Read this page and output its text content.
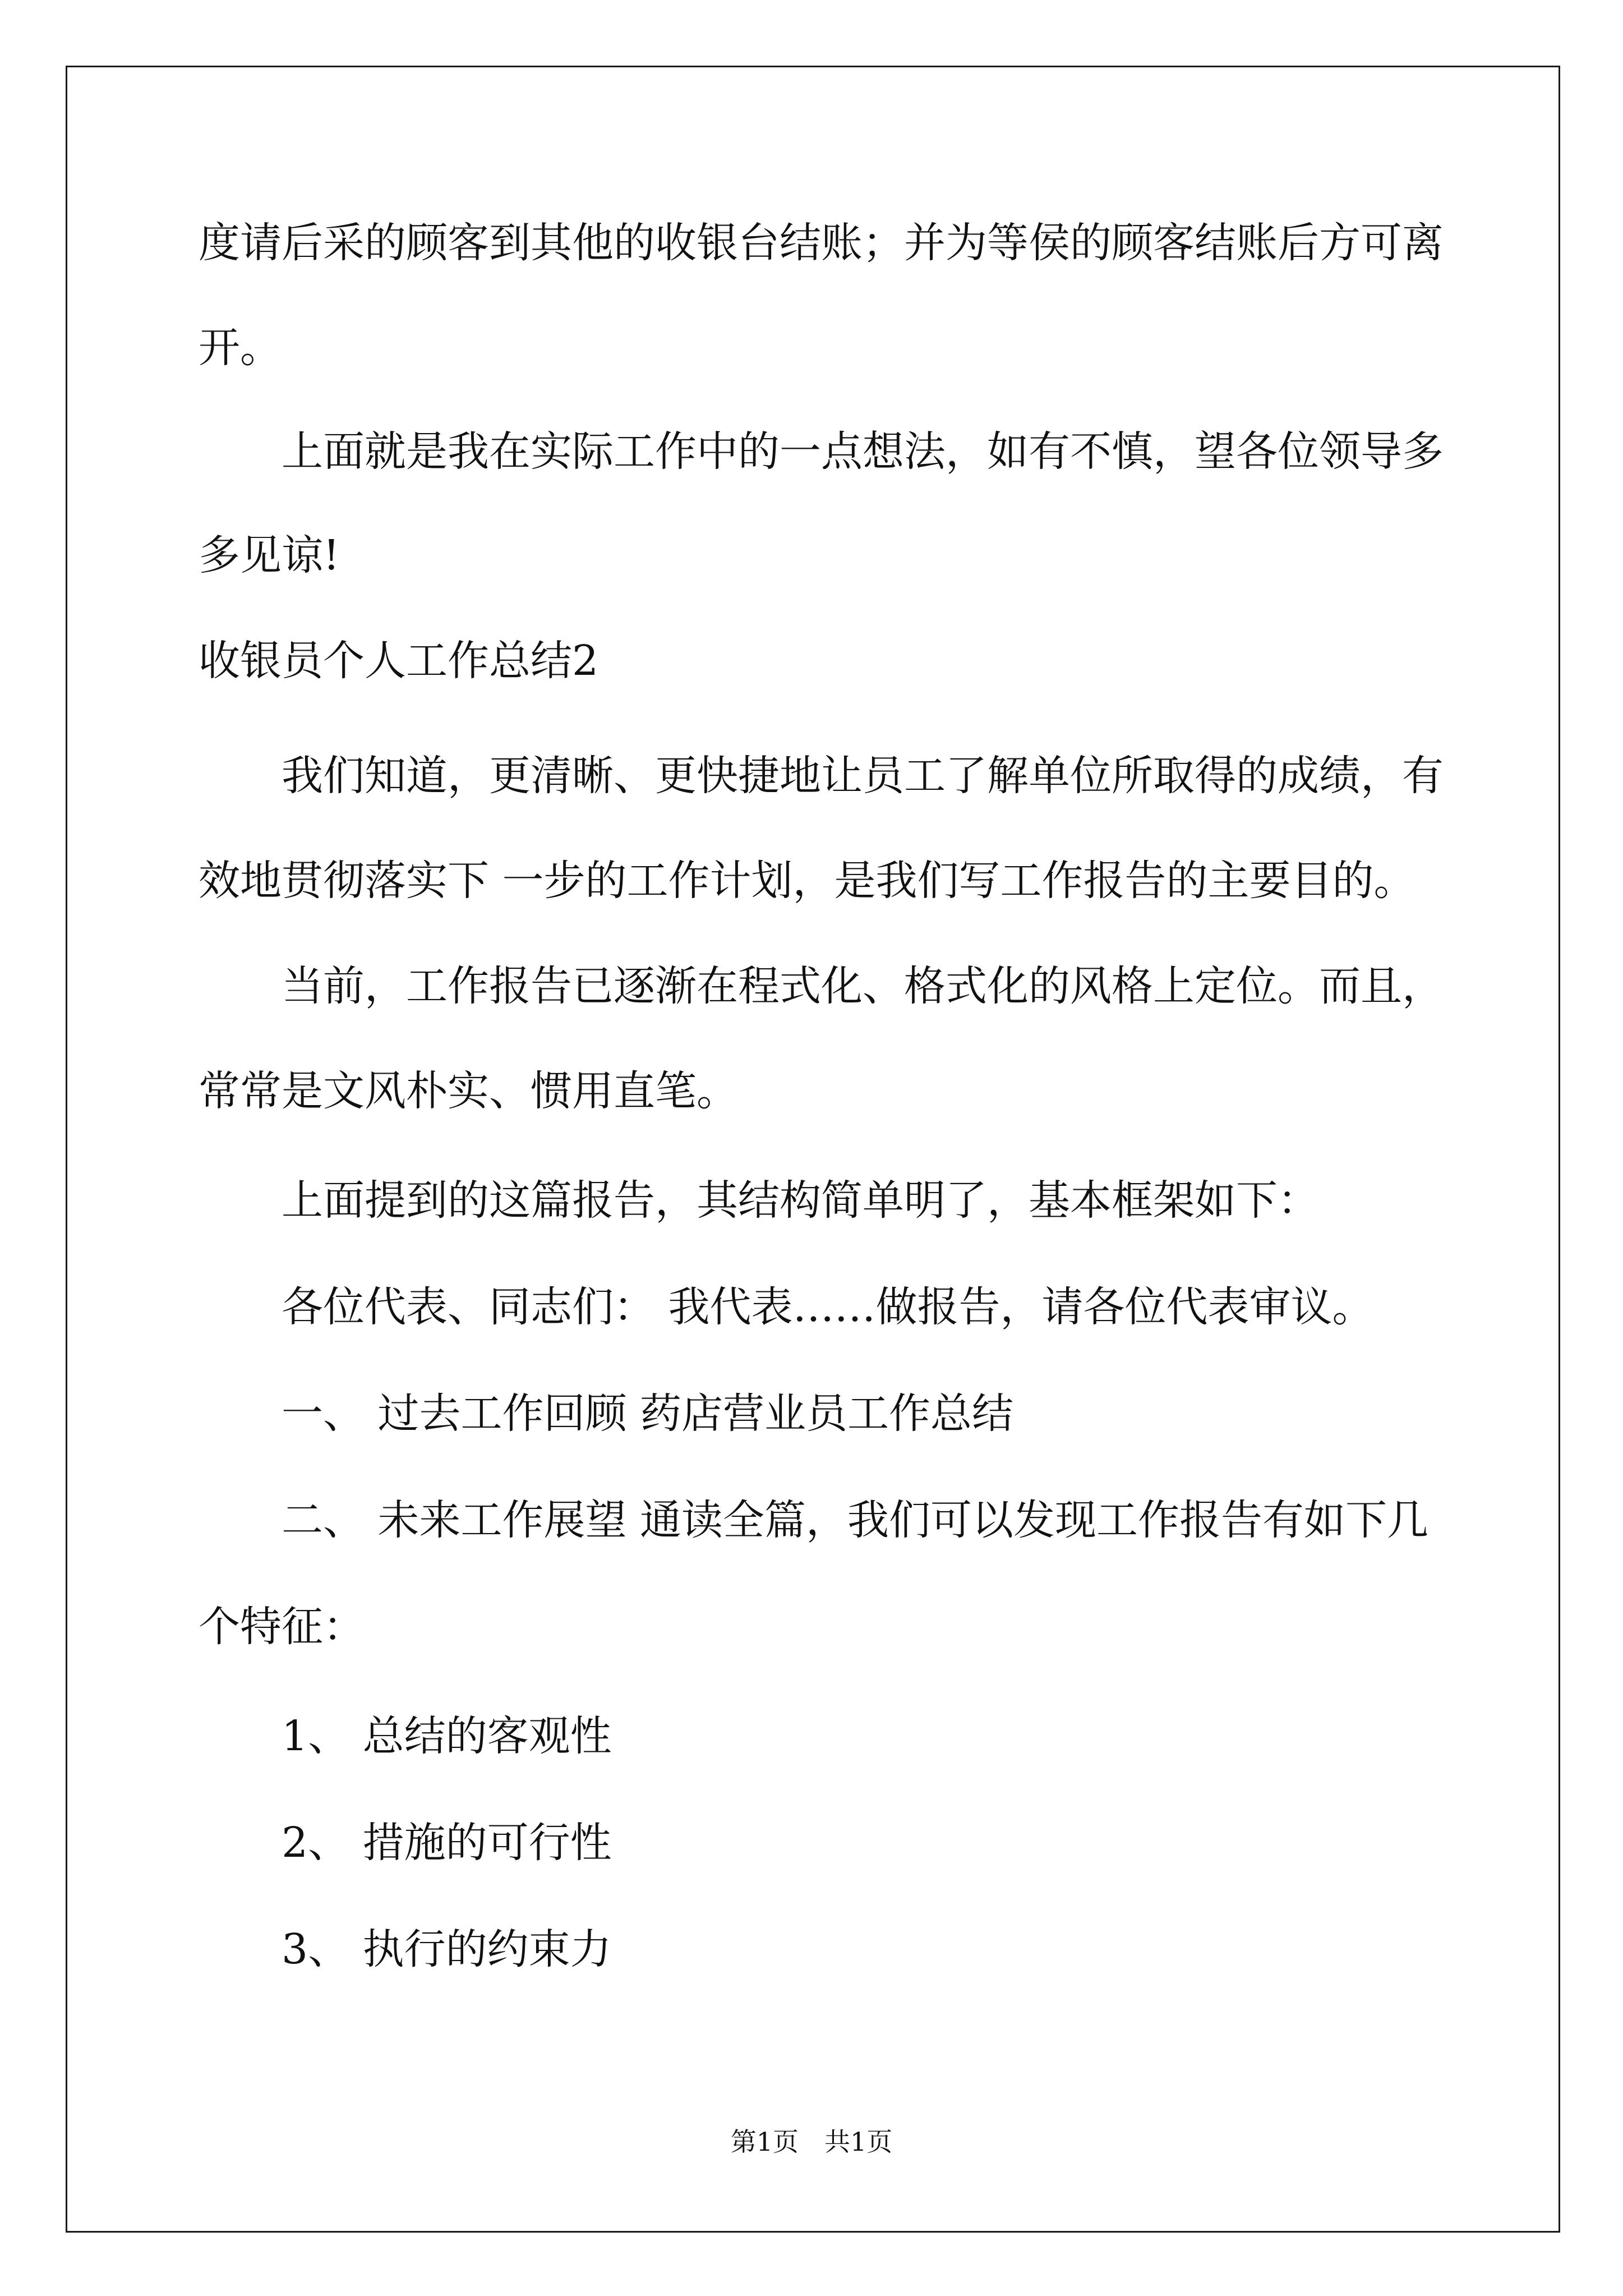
度请后采的顾客到其他的收银台结账；并为等侯的顾客结账后方可离
开。
上面就是我在实际工作中的一点想法，如有不慎，望各位领导多
多见谅!
收银员个人工作总结2
我们知道，更清晰、更快捷地让员工了解单位所取得的成绩，有
效地贯彻落实下 一步的工作计划，是我们写工作报告的主要目的。
当前，工作报告已逐渐在程式化、格式化的风格上定位。而且，
常常是文风朴实、惯用直笔。
上面提到的这篇报告，其结构简单明了，基本框架如下：
各位代表、同志们： 我代表……做报告，请各位代表审议。
一、 过去工作回顾 药店营业员工作总结
二、 未来工作展望 通读全篇，我们可以发现工作报告有如下几
个特征：
1、 总结的客观性
2、 措施的可行性
3、 执行的约束力
第1页　共1页
